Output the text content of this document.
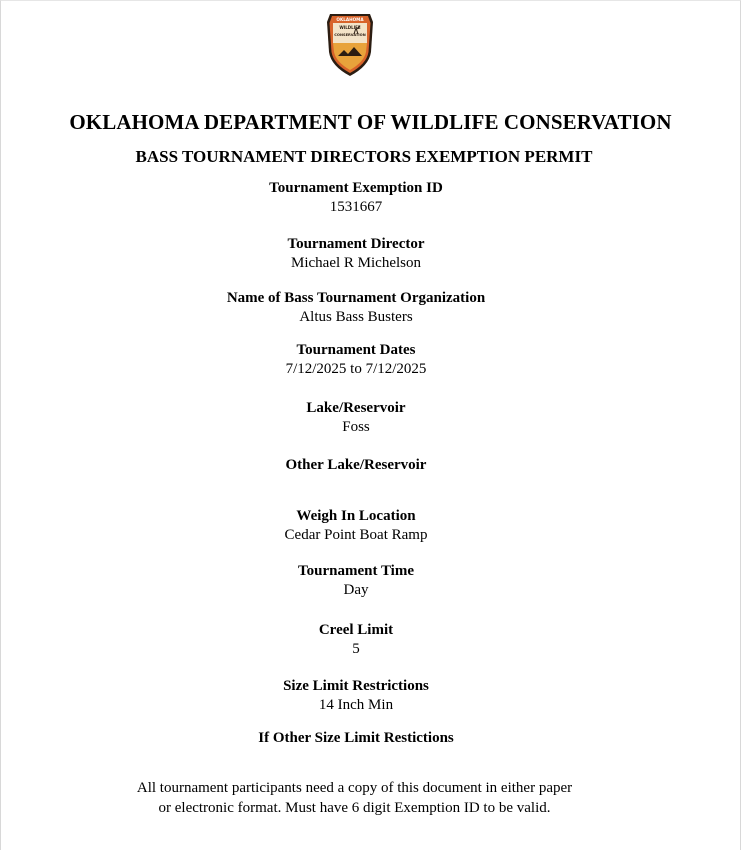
OKLAHOMA
WILDLIFE
CONSERVATION
OKLAHOMA DEPARTMENT OF WILDLIFE CONSERVATION
BASS TOURNAMENT DIRECTORS EXEMPTION PERMIT
Tournament Exemption ID
1531667
Tournament Director
Michael R Michelson
Name of Bass Tournament Organization
Altus Bass Busters
Tournament Dates
7/12/2025 to 7/12/2025
Lake/Reservoir
Foss
Other Lake/Reservoir
Weigh In Location
Cedar Point Boat Ramp
Tournament Time
Day
Creel Limit
5
Size Limit Restrictions
14 Inch Min
If Other Size Limit Restictions
All tournament participants need a copy of this document in either paper
or electronic format. Must have 6 digit Exemption ID to be valid.
